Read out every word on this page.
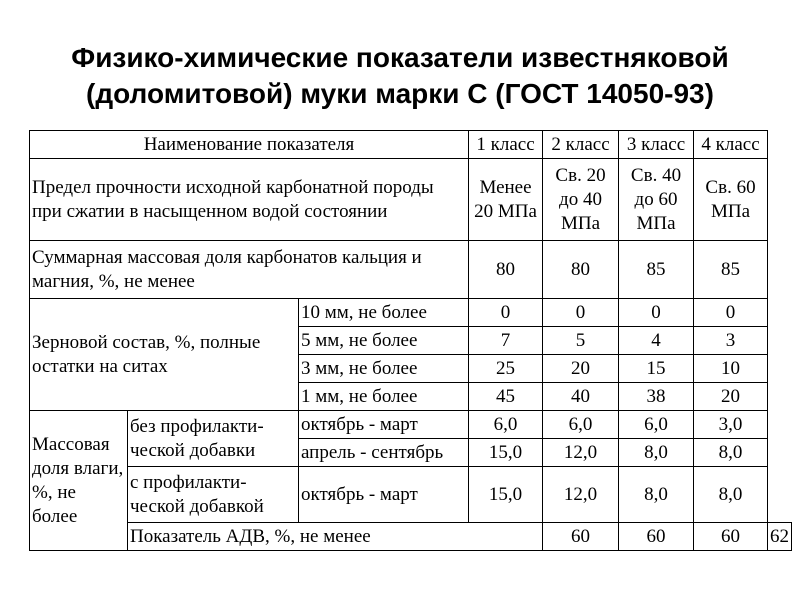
Физико-химические показатели известняковой
(доломитовой) муки марки С (ГОСТ 14050-93)
Наименование показателя			1 класс	2 класс	3 класс	4 класс	
Предел прочности исходной карбонатной породы при сжатии в насыщенном водой состоянии			Менее 20 МПа	Св. 20 до 40 МПа	Св. 40 до 60 МПа	Св. 60 МПа	
Суммарная массовая доля карбонатов кальция и магния, %, не менее			80	80	85	85	
Зерновой состав, %, полные остатки на ситах		10 мм, не более	0	0	0	0	
		5 мм, не более	7	5	4	3	
		3 мм, не более	25	20	15	10	
		1 мм, не более	45	40	38	20	
Массовая доля влаги, %, не более	без профилакти-ческой добавки	октябрь - март	6,0	6,0	6,0	3,0	
		апрель - сентябрь	15,0	12,0	8,0	8,0	
	с профилакти-ческой добавкой	октябрь - март	15,0	12,0	8,0	8,0	
	Показатель АДВ, %, не менее			60	60	60	62
